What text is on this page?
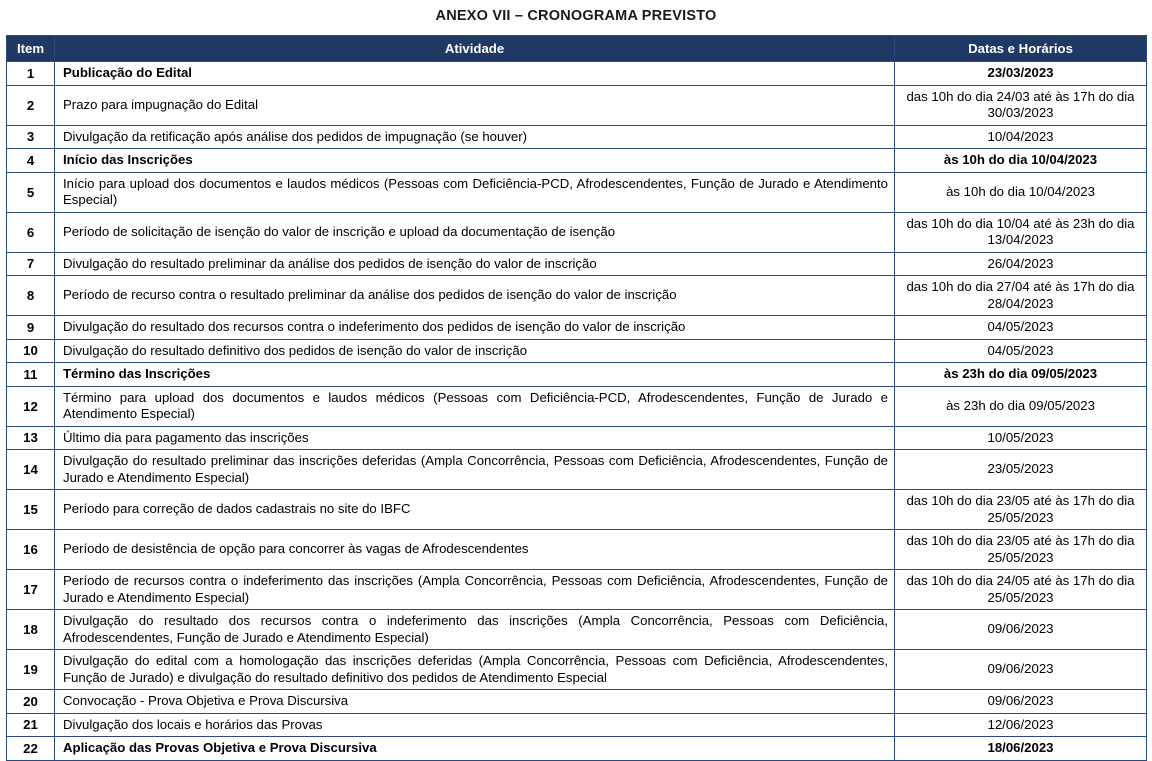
ANEXO VII – CRONOGRAMA PREVISTO
Item	Atividade	Datas e Horários
1	Publicação do Edital	23/03/2023
2	Prazo para impugnação do Edital	das 10h do dia 24/03 até às 17h do dia 30/03/2023
3	Divulgação da retificação após análise dos pedidos de impugnação (se houver)	10/04/2023
4	Início das Inscrições	às 10h do dia 10/04/2023
5	Início para upload dos documentos e laudos médicos (Pessoas com Deficiência-PCD, Afrodescendentes, Função de Jurado e Atendimento Especial)	às 10h do dia 10/04/2023
6	Período de solicitação de isenção do valor de inscrição e upload da documentação de isenção	das 10h do dia 10/04 até às 23h do dia 13/04/2023
7	Divulgação do resultado preliminar da análise dos pedidos de isenção do valor de inscrição	26/04/2023
8	Período de recurso contra o resultado preliminar da análise dos pedidos de isenção do valor de inscrição	das 10h do dia 27/04 até às 17h do dia 28/04/2023
9	Divulgação do resultado dos recursos contra o indeferimento dos pedidos de isenção do valor de inscrição	04/05/2023
10	Divulgação do resultado definitivo dos pedidos de isenção do valor de inscrição	04/05/2023
11	Término das Inscrições	às 23h do dia 09/05/2023
12	Término para upload dos documentos e laudos médicos (Pessoas com Deficiência-PCD, Afrodescendentes, Função de Jurado e Atendimento Especial)	às 23h do dia 09/05/2023
13	Último dia para pagamento das inscrições	10/05/2023
14	Divulgação do resultado preliminar das inscrições deferidas (Ampla Concorrência, Pessoas com Deficiência, Afrodescendentes, Função de Jurado e Atendimento Especial)	23/05/2023
15	Período para correção de dados cadastrais no site do IBFC	das 10h do dia 23/05 até às 17h do dia 25/05/2023
16	Período de desistência de opção para concorrer às vagas de Afrodescendentes	das 10h do dia 23/05 até às 17h do dia 25/05/2023
17	Período de recursos contra o indeferimento das inscrições (Ampla Concorrência, Pessoas com Deficiência, Afrodescendentes, Função de Jurado e Atendimento Especial)	das 10h do dia 24/05 até às 17h do dia 25/05/2023
18	Divulgação do resultado dos recursos contra o indeferimento das inscrições (Ampla Concorrência, Pessoas com Deficiência, Afrodescendentes, Função de Jurado e Atendimento Especial)	09/06/2023
19	Divulgação do edital com a homologação das inscrições deferidas (Ampla Concorrência, Pessoas com Deficiência, Afrodescendentes, Função de Jurado) e divulgação do resultado definitivo dos pedidos de Atendimento Especial	09/06/2023
20	Convocação - Prova Objetiva e Prova Discursiva	09/06/2023
21	Divulgação dos locais e horários das Provas	12/06/2023
22	Aplicação das Provas Objetiva e Prova Discursiva	18/06/2023
